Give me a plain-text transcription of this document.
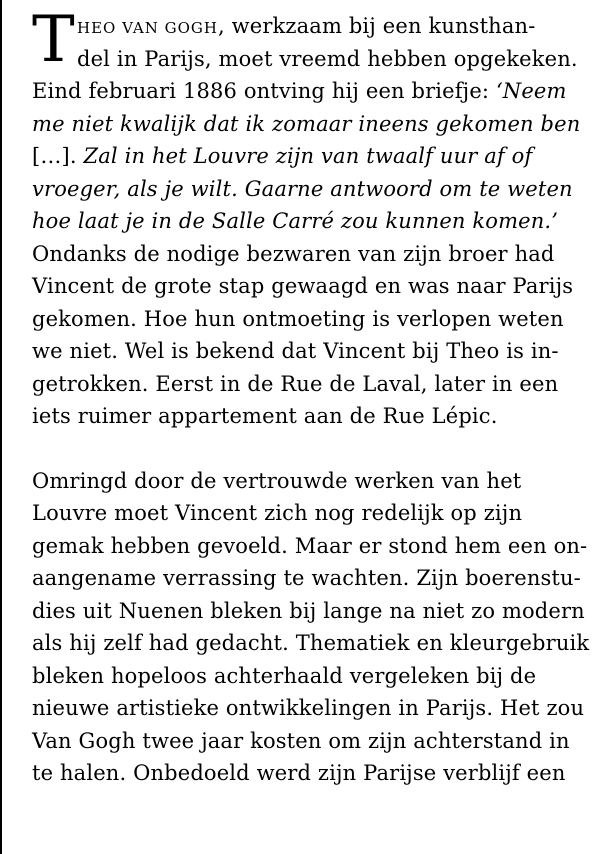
T HEO VAN GOGH, werkzaam bij een kunsthan-
del in Parijs, moet vreemd hebben opgekeken.
Eind februari 1886 ontving hij een briefje: ‘Neem
me niet kwalijk dat ik zomaar ineens gekomen ben
[…]. Zal in het Louvre zijn van twaalf uur af of
vroeger, als je wilt. Gaarne antwoord om te weten
hoe laat je in de Salle Carré zou kunnen komen.’
Ondanks de nodige bezwaren van zijn broer had
Vincent de grote stap gewaagd en was naar Parijs
gekomen. Hoe hun ontmoeting is verlopen weten
we niet. Wel is bekend dat Vincent bij Theo is in-
getrokken. Eerst in de Rue de Laval, later in een
iets ruimer appartement aan de Rue Lépic.
Omringd door de vertrouwde werken van het
Louvre moet Vincent zich nog redelijk op zijn
gemak hebben gevoeld. Maar er stond hem een on-
aangename verrassing te wachten. Zijn boerenstu-
dies uit Nuenen bleken bij lange na niet zo modern
als hij zelf had gedacht. Thematiek en kleurgebruik
bleken hopeloos achterhaald vergeleken bij de
nieuwe artistieke ontwikkelingen in Parijs. Het zou
Van Gogh twee jaar kosten om zijn achterstand in
te halen. Onbedoeld werd zijn Parijse verblijf een
